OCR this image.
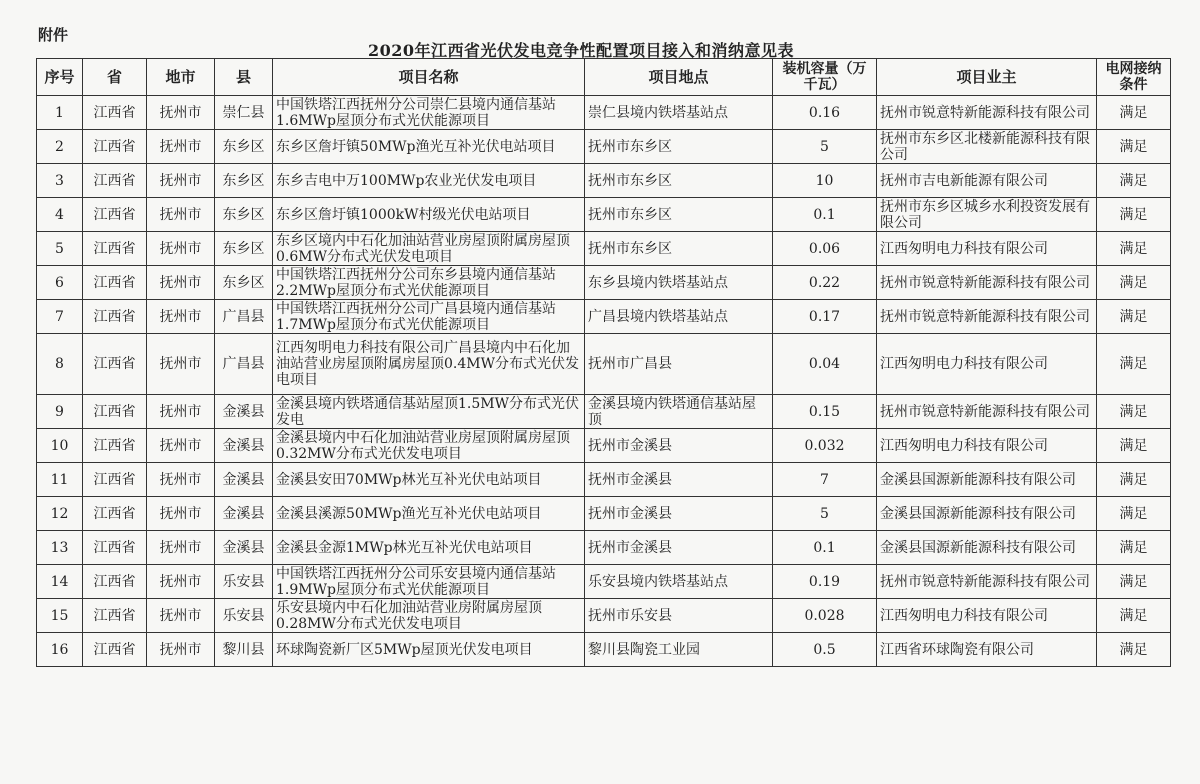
附件
2020年江西省光伏发电竞争性配置项目接入和消纳意见表
序号	省	地市	县	项目名称	项目地点	装机容量（万千瓦）	项目业主	电网接纳条件
1	江西省	抚州市	崇仁县	中国铁塔江西抚州分公司崇仁县境内通信基站1.6MWp屋顶分布式光伏能源项目	崇仁县境内铁塔基站点	0.16	抚州市锐意特新能源科技有限公司	满足
2	江西省	抚州市	东乡区	东乡区詹圩镇50MWp渔光互补光伏电站项目	抚州市东乡区	5	抚州市东乡区北楼新能源科技有限公司	满足
3	江西省	抚州市	东乡区	东乡吉电中万100MWp农业光伏发电项目	抚州市东乡区	10	抚州市吉电新能源有限公司	满足
4	江西省	抚州市	东乡区	东乡区詹圩镇1000kW村级光伏电站项目	抚州市东乡区	0.1	抚州市东乡区城乡水利投资发展有限公司	满足
5	江西省	抚州市	东乡区	东乡区境内中石化加油站营业房屋顶附属房屋顶0.6MW分布式光伏发电项目	抚州市东乡区	0.06	江西匆明电力科技有限公司	满足
6	江西省	抚州市	东乡区	中国铁塔江西抚州分公司东乡县境内通信基站2.2MWp屋顶分布式光伏能源项目	东乡县境内铁塔基站点	0.22	抚州市锐意特新能源科技有限公司	满足
7	江西省	抚州市	广昌县	中国铁塔江西抚州分公司广昌县境内通信基站1.7MWp屋顶分布式光伏能源项目	广昌县境内铁塔基站点	0.17	抚州市锐意特新能源科技有限公司	满足
8	江西省	抚州市	广昌县	江西匆明电力科技有限公司广昌县境内中石化加油站营业房屋顶附属房屋顶0.4MW分布式光伏发电项目	抚州市广昌县	0.04	江西匆明电力科技有限公司	满足
9	江西省	抚州市	金溪县	金溪县境内铁塔通信基站屋顶1.5MW分布式光伏发电	金溪县境内铁塔通信基站屋顶	0.15	抚州市锐意特新能源科技有限公司	满足
10	江西省	抚州市	金溪县	金溪县境内中石化加油站营业房屋顶附属房屋顶0.32MW分布式光伏发电项目	抚州市金溪县	0.032	江西匆明电力科技有限公司	满足
11	江西省	抚州市	金溪县	金溪县安田70MWp林光互补光伏电站项目	抚州市金溪县	7	金溪县国源新能源科技有限公司	满足
12	江西省	抚州市	金溪县	金溪县溪源50MWp渔光互补光伏电站项目	抚州市金溪县	5	金溪县国源新能源科技有限公司	满足
13	江西省	抚州市	金溪县	金溪县金源1MWp林光互补光伏电站项目	抚州市金溪县	0.1	金溪县国源新能源科技有限公司	满足
14	江西省	抚州市	乐安县	中国铁塔江西抚州分公司乐安县境内通信基站1.9MWp屋顶分布式光伏能源项目	乐安县境内铁塔基站点	0.19	抚州市锐意特新能源科技有限公司	满足
15	江西省	抚州市	乐安县	乐安县境内中石化加油站营业房附属房屋顶0.28MW分布式光伏发电项目	抚州市乐安县	0.028	江西匆明电力科技有限公司	满足
16	江西省	抚州市	黎川县	环球陶瓷新厂区5MWp屋顶光伏发电项目	黎川县陶瓷工业园	0.5	江西省环球陶瓷有限公司	满足
